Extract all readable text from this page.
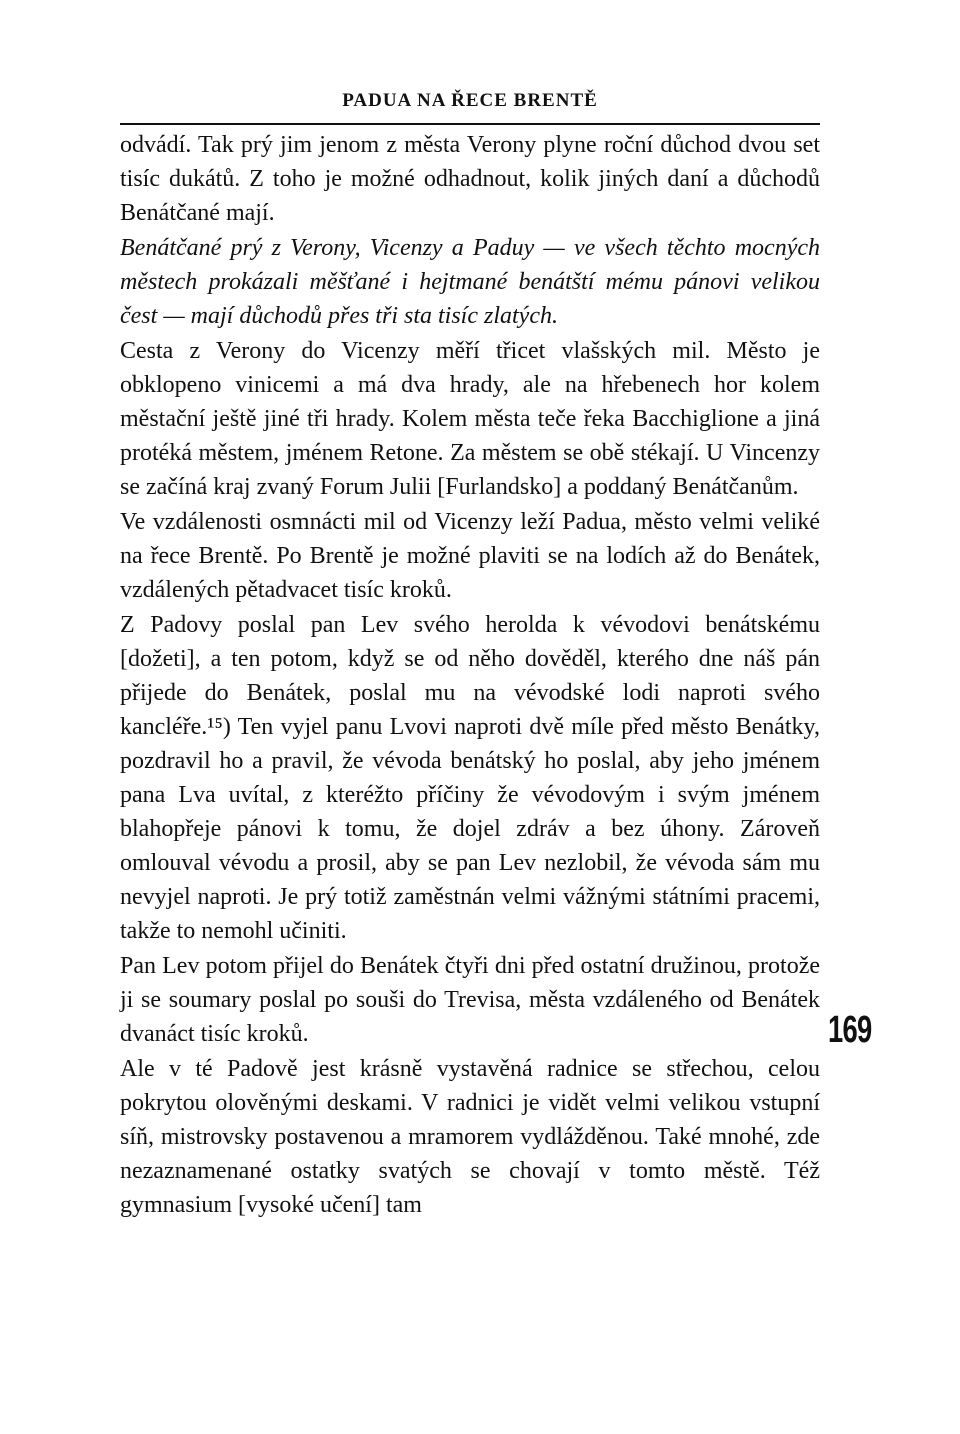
PADUA NA ŘECE BRENTĚ

odvádí. Tak prý jim jenom z města Verony plyne roční důchod dvou set tisíc dukátů. Z toho je možné odhadnout, kolik jiných daní a důchodů Benátčané mají.

Benátčané prý z Verony, Vicenzy a Paduy — ve všech těchto mocných městech prokázali měšťané i hejtmané benátští mému pánovi velikou čest — mají důchodů přes tři sta tisíc zlatých.

Cesta z Verony do Vicenzy měří třicet vlašských mil. Město je obklopeno vinicemi a má dva hrady, ale na hřebenech hor kolem městační ještě jiné tři hrady. Kolem města teče řeka Bacchiglione a jiná protéká městem, jménem Retone. Za městem se obě stékají. U Vincenzy se začíná kraj zvaný Forum Julii [Furlandsko] a poddaný Benátčanům.

Ve vzdálenosti osmnácti mil od Vicenzy leží Padua, město velmi veliké na řece Brentě. Po Brentě je možné plaviti se na lodích až do Benátek, vzdálených pětadvacet tisíc kroků.

Z Padovy poslal pan Lev svého herolda k vévodovi benátskému [dožeti], a ten potom, když se od něho dověděl, kterého dne náš pán přijede do Benátek, poslal mu na vévodské lodi naproti svého kancléře.¹⁵) Ten vyjel panu Lvovi naproti dvě míle před město Benátky, pozdravil ho a pravil, že vévoda benátský ho poslal, aby jeho jménem pana Lva uvítal, z kteréžto příčiny že vévodovým i svým jménem blahopřeje pánovi k tomu, že dojel zdráv a bez úhony. Zároveň omlouval vévodu a prosil, aby se pan Lev nezlobil, že vévoda sám mu nevyjel naproti. Je prý totiž zaměstnán velmi vážnými státními pracemi, takže to nemohl učiniti.

Pan Lev potom přijel do Benátek čtyři dni před ostatní družinou, protože ji se soumary poslal po souši do Trevisa, města vzdáleného od Benátek dvanáct tisíc kroků.

Ale v té Padově jest krásně vystavěná radnice se střechou, celou pokrytou olověnými deskami. V radnici je vidět velmi velikou vstupní síň, mistrovsky postavenou a mramorem vydlážděnou. Také mnohé, zde nezaznamenané ostatky svatých se chovají v tomto městě. Též gymnasium [vysoké učení] tam

169
